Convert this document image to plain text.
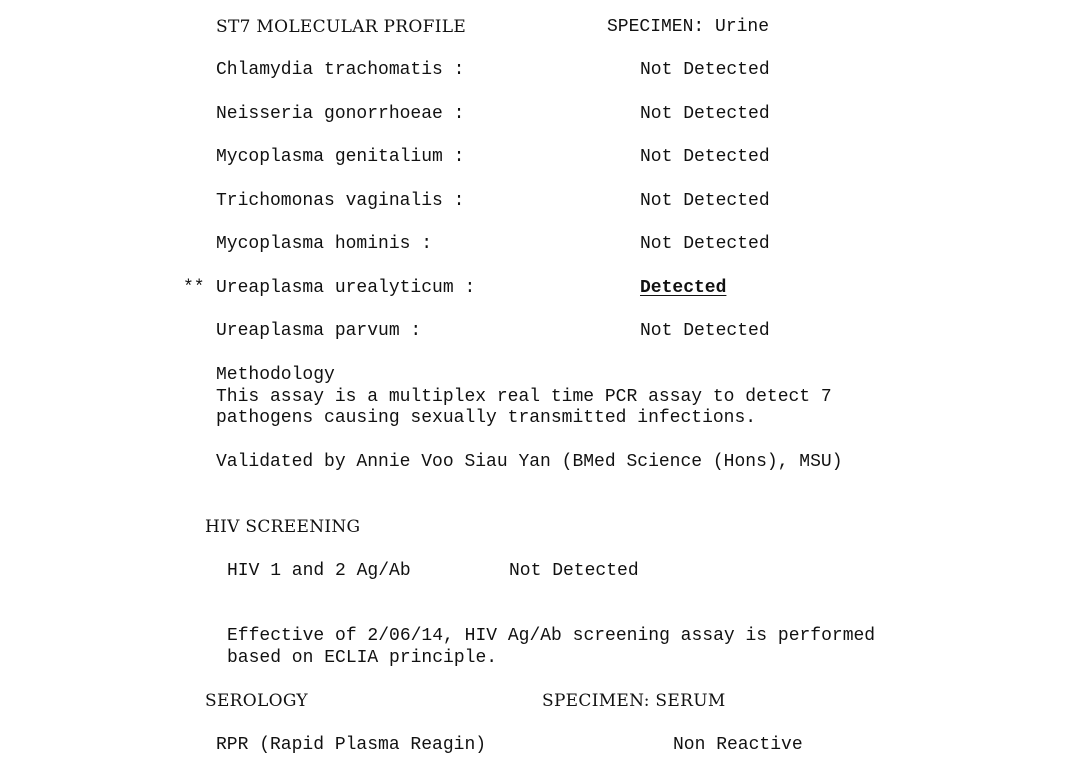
ST7 MOLECULAR PROFILE	SPECIMEN: Urine
Chlamydia trachomatis :	Not Detected
Neisseria gonorrhoeae :	Not Detected
Mycoplasma genitalium :	Not Detected
Trichomonas vaginalis :	Not Detected
Mycoplasma hominis :	Not Detected
** Ureaplasma urealyticum :	Detected
Ureaplasma parvum :	Not Detected
Methodology
This assay is a multiplex real time PCR assay to detect 7
pathogens causing sexually transmitted infections.
Validated by Annie Voo Siau Yan (BMed Science (Hons), MSU)
HIV SCREENING
HIV 1 and 2 Ag/Ab	Not Detected
Effective of 2/06/14, HIV Ag/Ab screening assay is performed
based on ECLIA principle.
SEROLOGY	SPECIMEN: SERUM
RPR (Rapid Plasma Reagin)	Non Reactive
